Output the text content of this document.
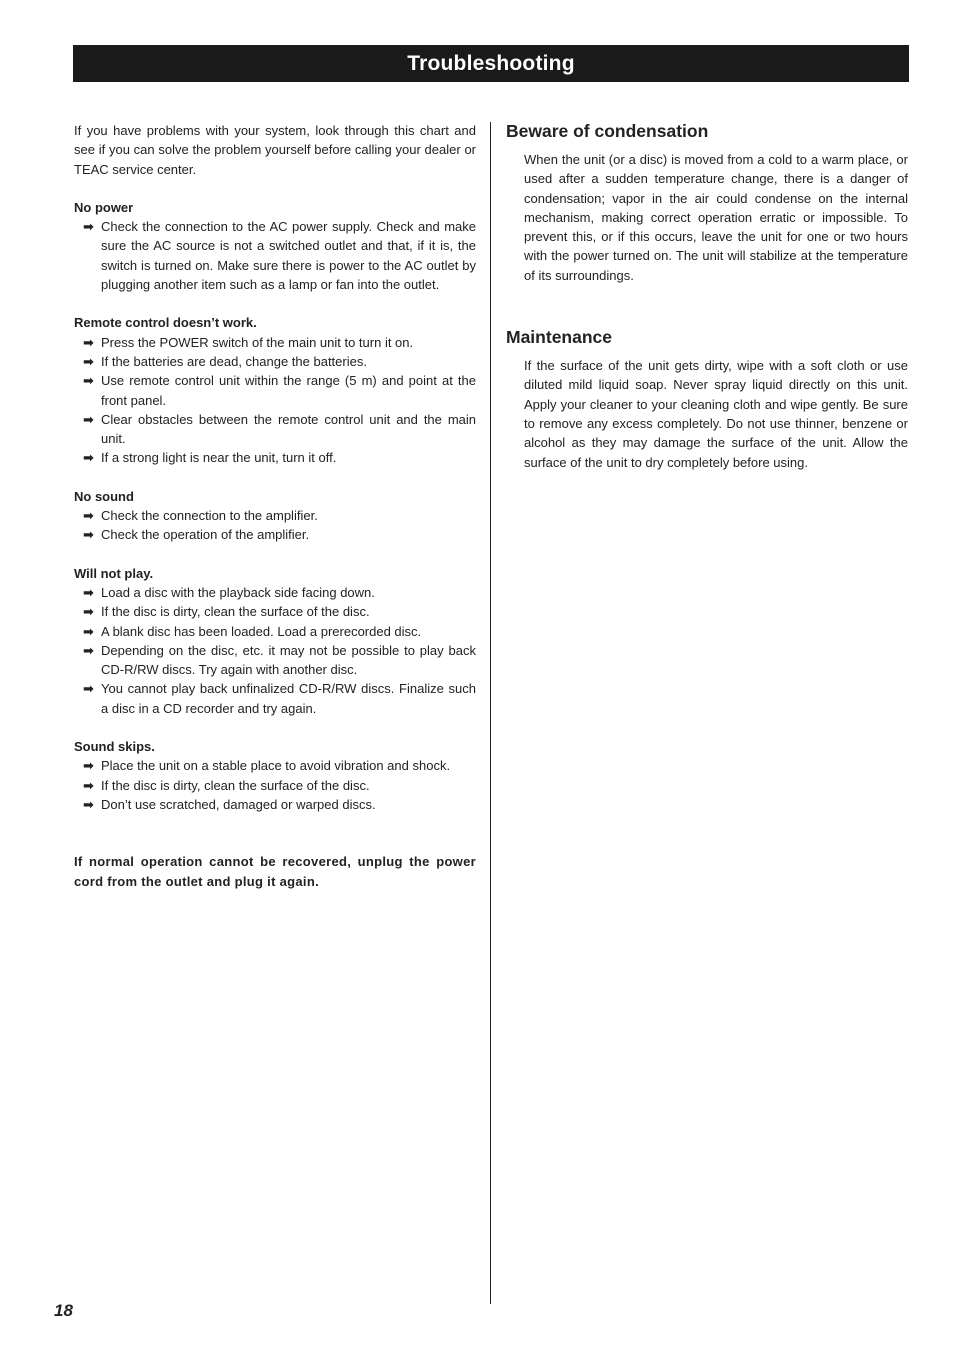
Troubleshooting

If you have problems with your system, look through this chart and see if you can solve the problem yourself before calling your dealer or TEAC service center.

No power
➡ Check the connection to the AC power supply. Check and make sure the AC source is not a switched outlet and that, if it is, the switch is turned on. Make sure there is power to the AC outlet by plugging another item such as a lamp or fan into the outlet.
Remote control doesn’t work.
➡ Press the POWER switch of the main unit to turn it on.
➡ If the batteries are dead, change the batteries.
➡ Use remote control unit within the range (5 m) and point at the front panel.
➡ Clear obstacles between the remote control unit and the main unit.
➡ If a strong light is near the unit, turn it off.
No sound
➡ Check the connection to the amplifier.
➡ Check the operation of the amplifier.
Will not play.
➡ Load a disc with the playback side facing down.
➡ If the disc is dirty, clean the surface of the disc.
➡ A blank disc has been loaded. Load a prerecorded disc.
➡ Depending on the disc, etc. it may not be possible to play back CD-R/RW discs. Try again with another disc.
➡ You cannot play back unfinalized CD-R/RW discs. Finalize such a disc in a CD recorder and try again.
Sound skips.
➡ Place the unit on a stable place to avoid vibration and shock.
➡ If the disc is dirty, clean the surface of the disc.
➡ Don’t use scratched, damaged or warped discs.

If normal operation cannot be recovered, unplug the power cord from the outlet and plug it again.

Beware of condensation

When the unit (or a disc) is moved from a cold to a warm place, or used after a sudden temperature change, there is a danger of condensation; vapor in the air could condense on the internal mechanism, making correct operation erratic or impossible. To prevent this, or if this occurs, leave the unit for one or two hours with the power turned on. The unit will stabilize at the temperature of its surroundings.

Maintenance

If the surface of the unit gets dirty, wipe with a soft cloth or use diluted mild liquid soap. Never spray liquid directly on this unit. Apply your cleaner to your cleaning cloth and wipe gently. Be sure to remove any excess completely. Do not use thinner, benzene or alcohol as they may damage the surface of the unit. Allow the surface of the unit to dry completely before using.

18
